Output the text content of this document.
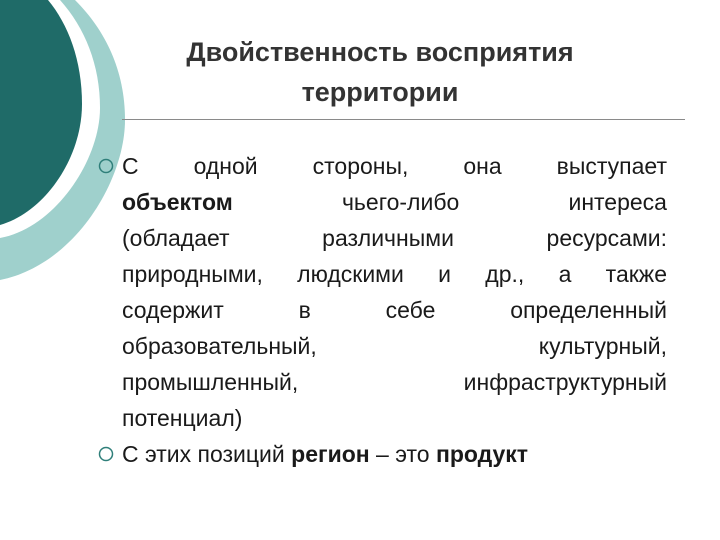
Двойственность восприятия
территории
С одной стороны, она выступает
объектом	чьего-либо	интереса
(обладает	различными	ресурсами:
природными, людскими и др., а также
содержит	в	себе	определенный
образовательный,	культурный,
промышленный,	инфраструктурный
потенциал)
С этих позиций регион – это продукт
